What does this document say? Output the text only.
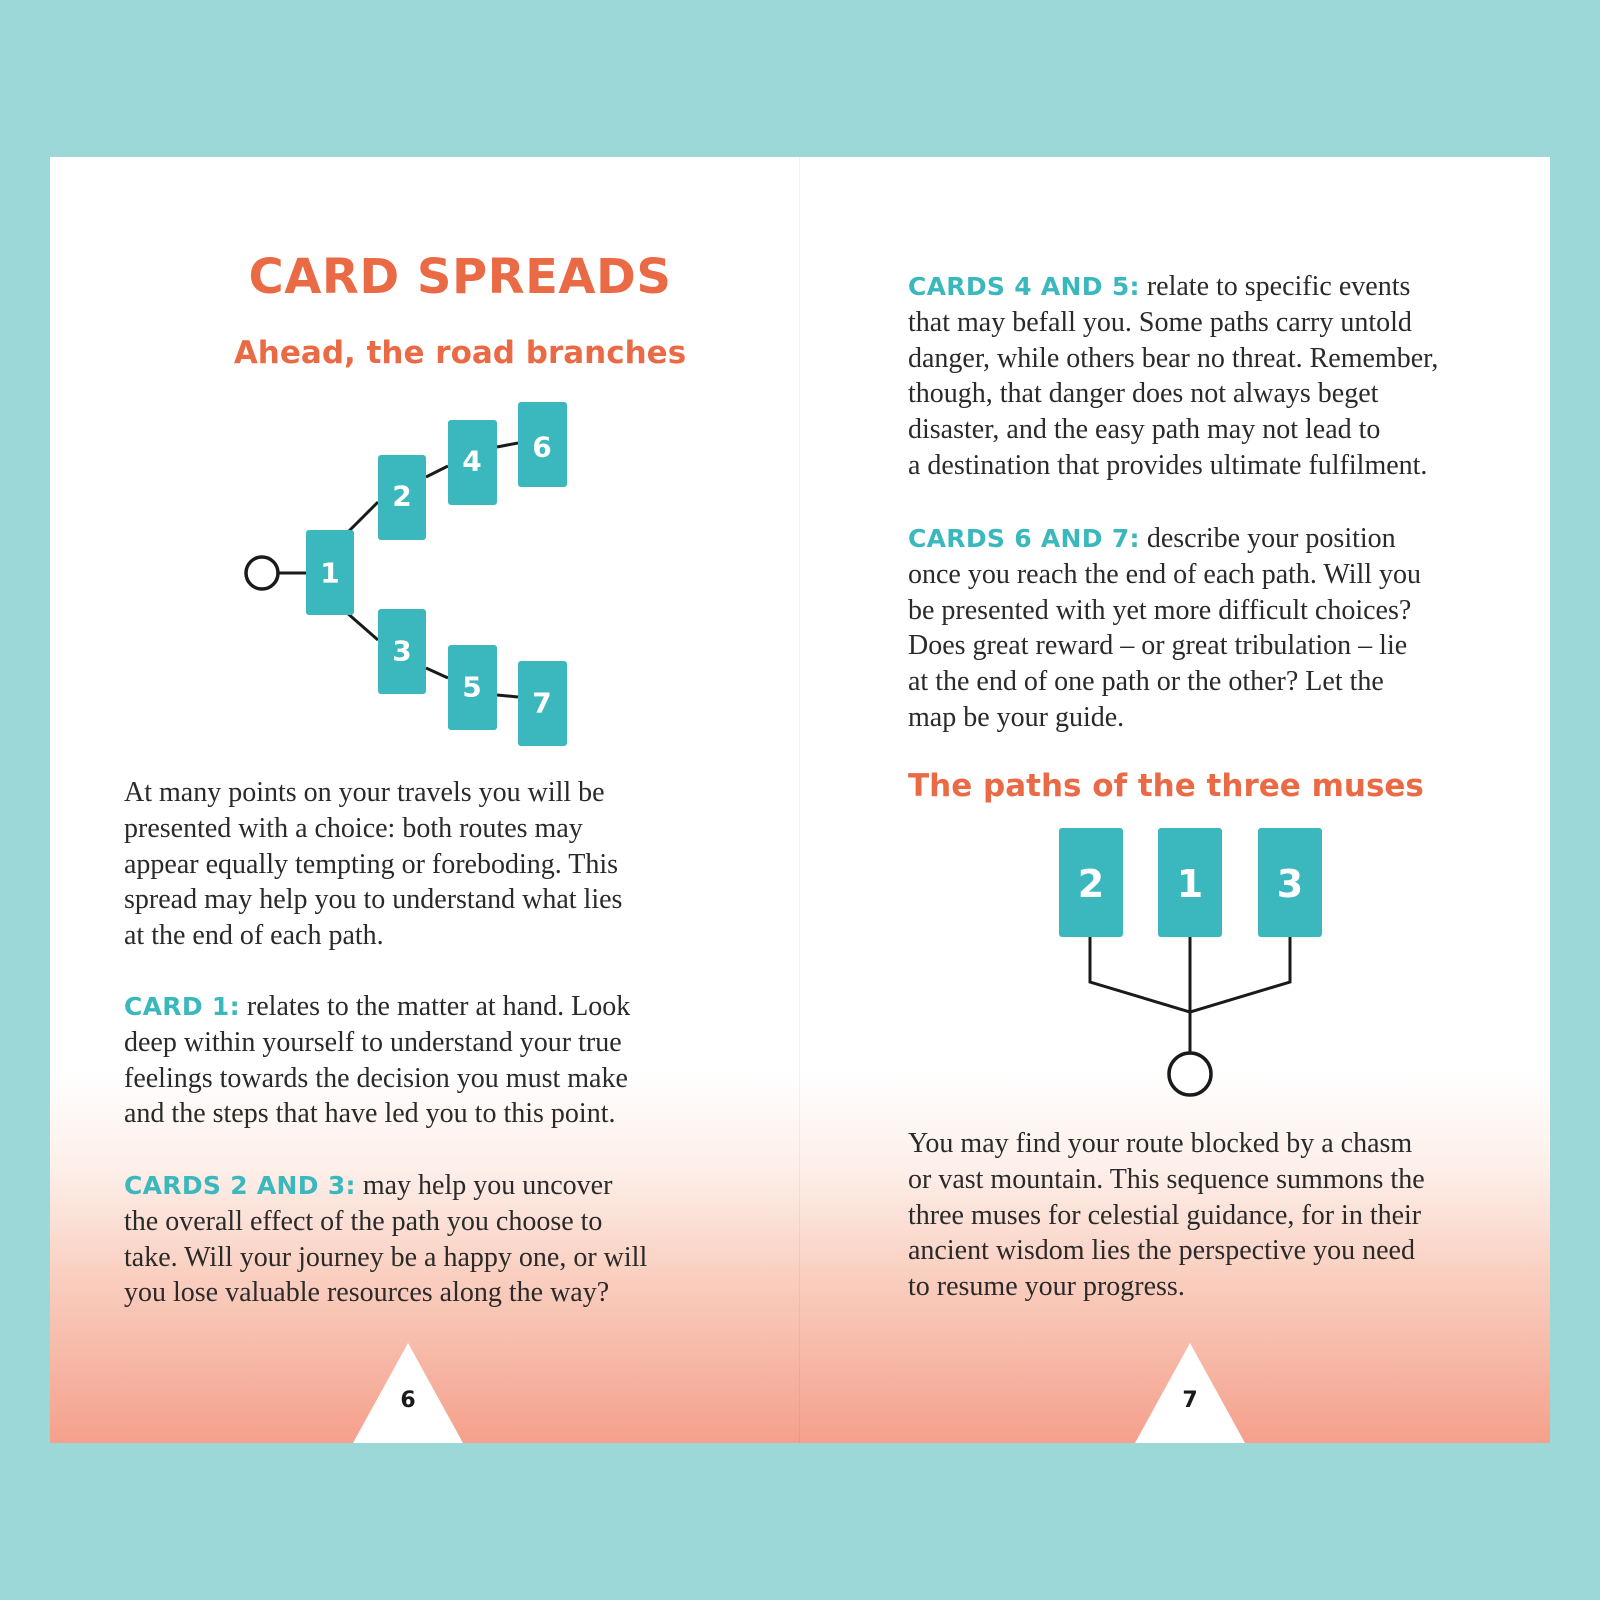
CARD SPREADS
Ahead, the road branches

At many points on your travels you will be
presented with a choice: both routes may
appear equally tempting or foreboding. This
spread may help you to understand what lies
at the end of each path.

CARD 1: relates to the matter at hand. Look
deep within yourself to understand your true
feelings towards the decision you must make
and the steps that have led you to this point.

CARDS 2 AND 3: may help you uncover
the overall effect of the path you choose to
take. Will your journey be a happy one, or will
you lose valuable resources along the way?

CARDS 4 AND 5: relate to specific events
that may befall you. Some paths carry untold
danger, while others bear no threat. Remember,
though, that danger does not always beget
disaster, and the easy path may not lead to
a destination that provides ultimate fulfilment.

CARDS 6 AND 7: describe your position
once you reach the end of each path. Will you
be presented with yet more difficult choices?
Does great reward – or great tribulation – lie
at the end of one path or the other? Let the
map be your guide.

The paths of the three muses

You may find your route blocked by a chasm
or vast mountain. This sequence summons the
three muses for celestial guidance, for in their
ancient wisdom lies the perspective you need
to resume your progress.

1
2
3
4
5
6
7
2 1 3
6	7
